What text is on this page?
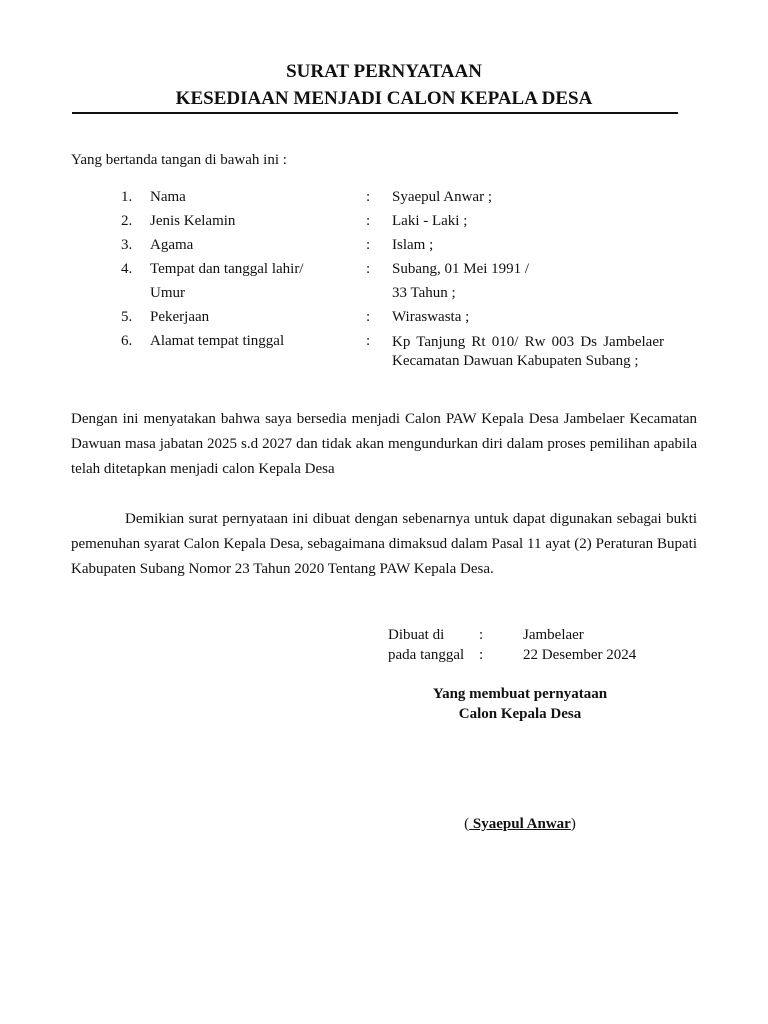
SURAT PERNYATAAN
KESEDIAAN MENJADI CALON KEPALA DESA
Yang bertanda tangan di bawah ini :
1. Nama	: Syaepul Anwar ;
2. Jenis Kelamin	: Laki - Laki ;
3. Agama	: Islam ;
4. Tempat dan tanggal lahir/	: Subang, 01 Mei 1991 /
Umur	33 Tahun ;
5. Pekerjaan	: Wiraswasta ;
6. Alamat tempat tinggal	: Kp Tanjung Rt 010/ Rw 003 Ds Jambelaer Kecamatan Dawuan Kabupaten Subang ;
Dengan ini menyatakan bahwa saya bersedia menjadi Calon PAW Kepala Desa Jambelaer Kecamatan Dawuan masa jabatan 2025 s.d 2027 dan tidak akan mengundurkan diri dalam proses pemilihan apabila telah ditetapkan menjadi calon Kepala Desa
Demikian surat pernyataan ini dibuat dengan sebenarnya untuk dapat digunakan sebagai bukti pemenuhan syarat Calon Kepala Desa, sebagaimana dimaksud dalam Pasal 11 ayat (2) Peraturan Bupati Kabupaten Subang Nomor 23 Tahun 2020 Tentang PAW Kepala Desa.
Dibuat di :	Jambelaer
pada tanggal :	22 Desember 2024
Yang membuat pernyataan
Calon Kepala Desa
( Syaepul Anwar)
